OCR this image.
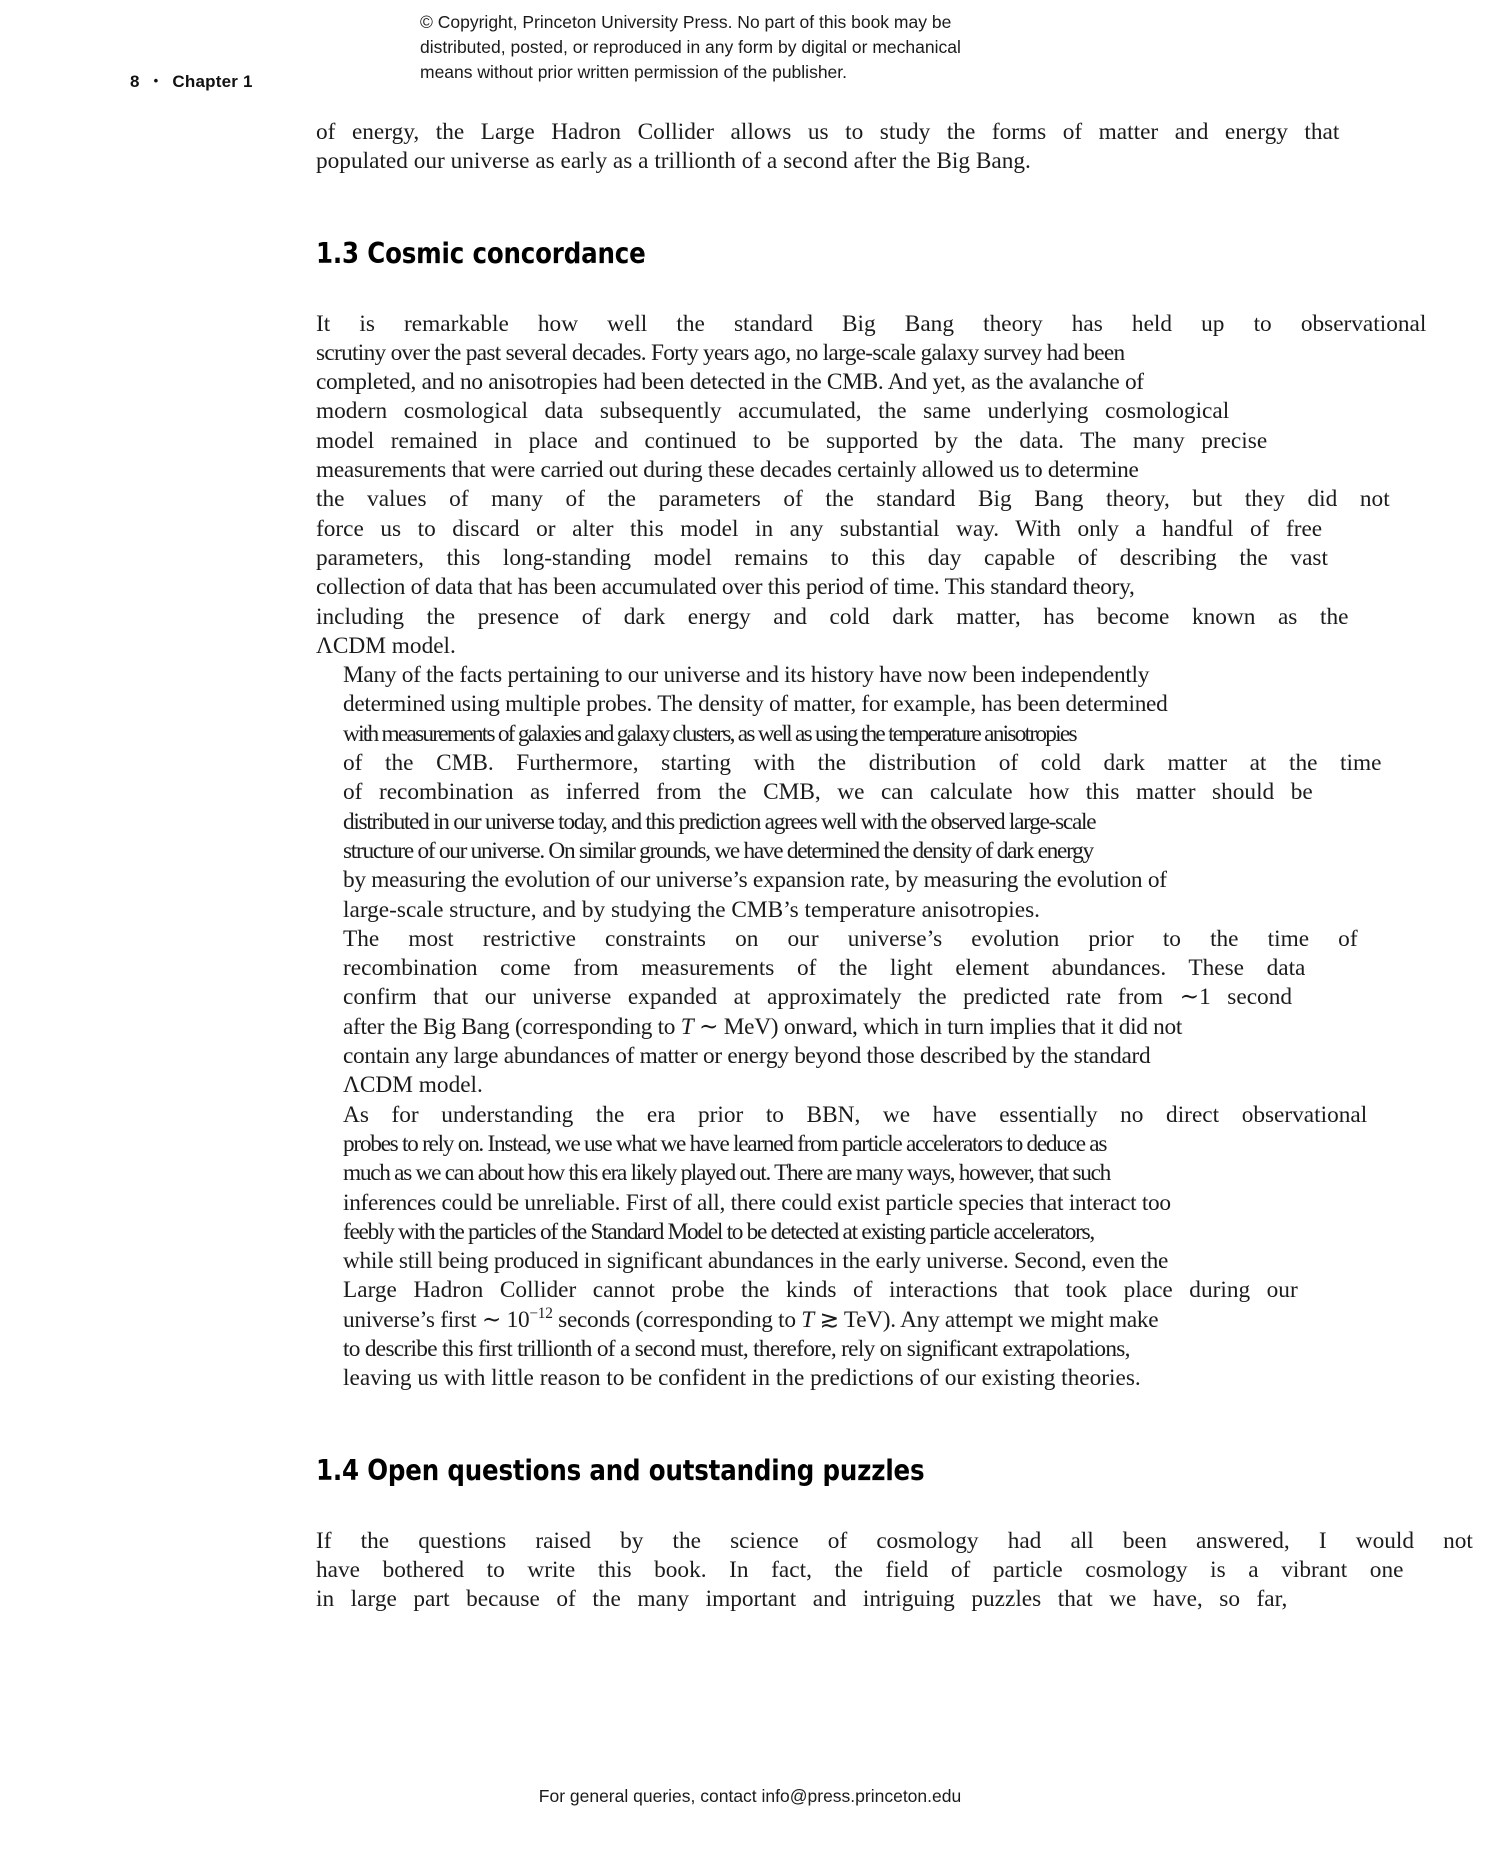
© Copyright, Princeton University Press. No part of this book may be
distributed, posted, or reproduced in any form by digital or mechanical
means without prior written permission of the publisher.
8 • Chapter 1

of energy, the Large Hadron Collider allows us to study the forms of matter and energy that
populated our universe as early as a trillionth of a second after the Big Bang.

1.3 Cosmic concordance

It is remarkable how well the standard Big Bang theory has held up to observational
scrutiny over the past several decades. Forty years ago, no large-scale galaxy survey had been
completed, and no anisotropies had been detected in the CMB. And yet, as the avalanche of
modern cosmological data subsequently accumulated, the same underlying cosmological
model remained in place and continued to be supported by the data. The many precise
measurements that were carried out during these decades certainly allowed us to determine
the values of many of the parameters of the standard Big Bang theory, but they did not
force us to discard or alter this model in any substantial way. With only a handful of free
parameters, this long-standing model remains to this day capable of describing the vast
collection of data that has been accumulated over this period of time. This standard theory,
including the presence of dark energy and cold dark matter, has become known as the
ΛCDM model.

Many of the facts pertaining to our universe and its history have now been independently
determined using multiple probes. The density of matter, for example, has been determined
with measurements of galaxies and galaxy clusters, as well as using the temperature anisotropies
of the CMB. Furthermore, starting with the distribution of cold dark matter at the time
of recombination as inferred from the CMB, we can calculate how this matter should be
distributed in our universe today, and this prediction agrees well with the observed large-scale
structure of our universe. On similar grounds, we have determined the density of dark energy
by measuring the evolution of our universe’s expansion rate, by measuring the evolution of
large-scale structure, and by studying the CMB’s temperature anisotropies.

The most restrictive constraints on our universe’s evolution prior to the time of
recombination come from measurements of the light element abundances. These data
confirm that our universe expanded at approximately the predicted rate from ∼1 second
after the Big Bang (corresponding to T ∼ MeV) onward, which in turn implies that it did not
contain any large abundances of matter or energy beyond those described by the standard
ΛCDM model.

As for understanding the era prior to BBN, we have essentially no direct observational
probes to rely on. Instead, we use what we have learned from particle accelerators to deduce as
much as we can about how this era likely played out. There are many ways, however, that such
inferences could be unreliable. First of all, there could exist particle species that interact too
feebly with the particles of the Standard Model to be detected at existing particle accelerators,
while still being produced in significant abundances in the early universe. Second, even the
Large Hadron Collider cannot probe the kinds of interactions that took place during our
universe’s first ∼ $10^{-12}$ seconds (corresponding to T ≳ TeV). Any attempt we might make
to describe this first trillionth of a second must, therefore, rely on significant extrapolations,
leaving us with little reason to be confident in the predictions of our existing theories.

1.4 Open questions and outstanding puzzles

If the questions raised by the science of cosmology had all been answered, I would not
have bothered to write this book. In fact, the field of particle cosmology is a vibrant one
in large part because of the many important and intriguing puzzles that we have, so far,

For general queries, contact info@press.princeton.edu
